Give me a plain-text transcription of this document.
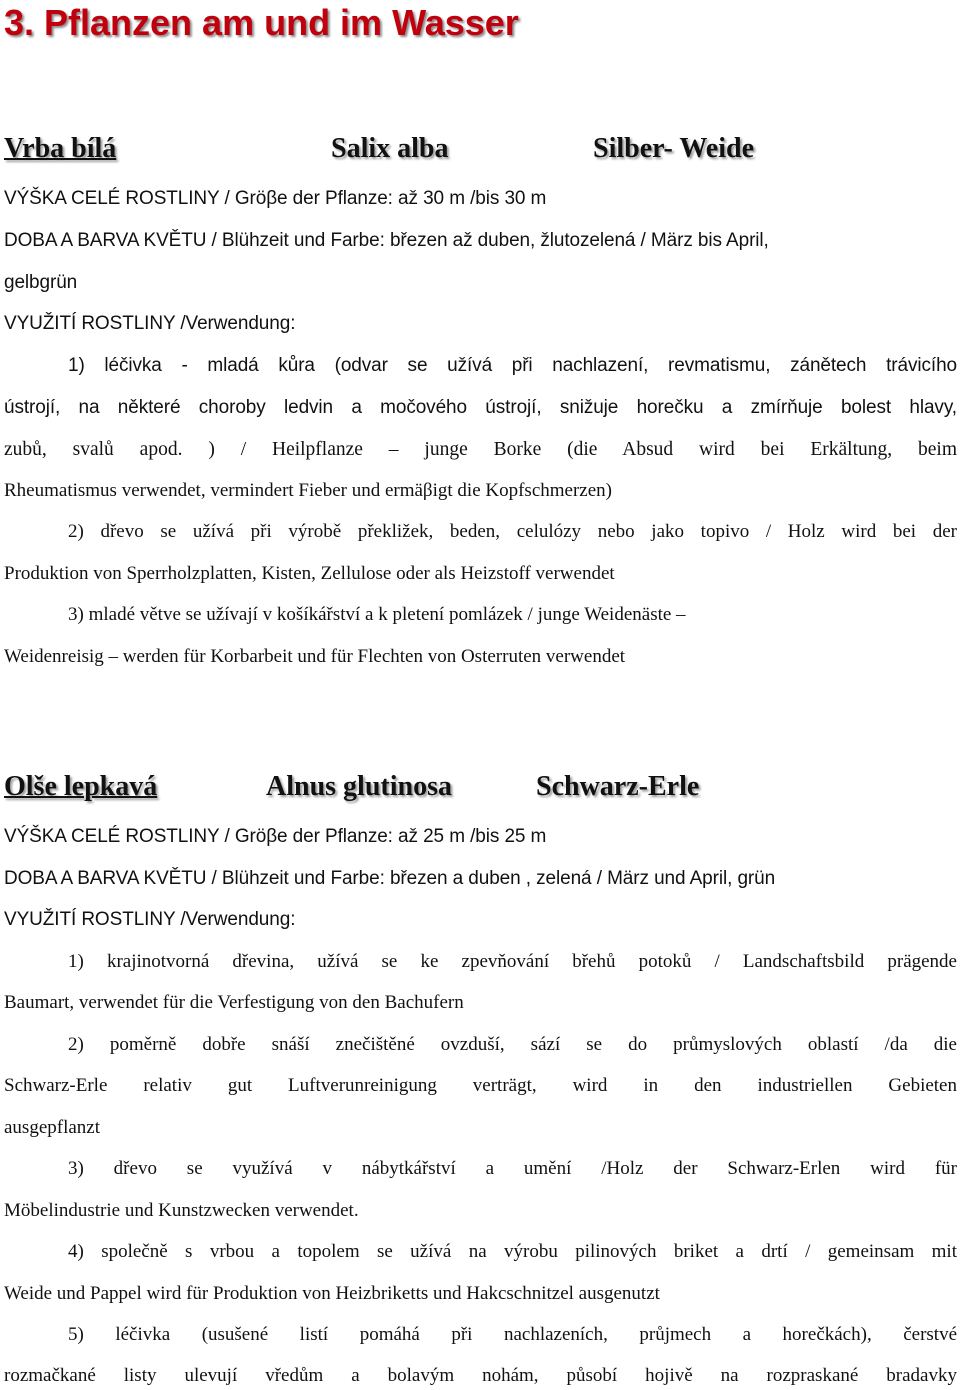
3. Pflanzen am und im Wasser
Vrba bílá	Salix alba	Silber- Weide

VÝŠKA CELÉ ROSTLINY / Gröβe der Pflanze: až 30 m /bis 30 m

DOBA A BARVA KVĚTU / Blühzeit und Farbe: březen až duben, žlutozelená / März bis April,

gelbgrün

VYUŽITÍ ROSTLINY /Verwendung:

1) léčivka - mladá kůra (odvar se užívá při nachlazení, revmatismu, zánětech trávicího

ústrojí, na některé choroby ledvin a močového ústrojí, snižuje horečku a zmírňuje bolest hlavy,

zubů, svalů apod. ) / Heilpflanze – junge Borke (die Absud wird bei Erkältung, beim

Rheumatismus verwendet, vermindert Fieber und ermäβigt die Kopfschmerzen)

2) dřevo se užívá při výrobě překližek, beden, celulózy nebo jako topivo / Holz wird bei der

Produktion von Sperrholzplatten, Kisten, Zellulose oder als Heizstoff verwendet

3) mladé větve se užívají v košíkářství a k pletení pomlázek / junge Weidenäste –

Weidenreisig – werden für Korbarbeit und für Flechten von Osterruten verwendet

Olše lepkavá	Alnus glutinosa	Schwarz-Erle

VÝŠKA CELÉ ROSTLINY / Gröβe der Pflanze: až 25 m /bis 25 m

DOBA A BARVA KVĚTU / Blühzeit und Farbe: březen a duben , zelená / März und April, grün

VYUŽITÍ ROSTLINY /Verwendung:

1) krajinotvorná dřevina, užívá se ke zpevňování břehů potoků / Landschaftsbild prägende

Baumart, verwendet für die Verfestigung von den Bachufern

2) poměrně dobře snáší znečištěné ovzduší, sází se do průmyslových oblastí /da die

Schwarz-Erle relativ gut Luftverunreinigung verträgt, wird in den industriellen Gebieten

ausgepflanzt

3) dřevo se využívá v nábytkářství a umění /Holz der Schwarz-Erlen wird für

Möbelindustrie und Kunstzwecken verwendet.

4) společně s vrbou a topolem se užívá na výrobu pilinových briket a drtí / gemeinsam mit

Weide und Pappel wird für Produktion von Heizbriketts und Hakcschnitzel ausgenutzt

5) léčivka (usušené listí pomáhá při nachlazeních, průjmech a horečkách), čerstvé

rozmačkané listy ulevují vředům a bolavým nohám, působí hojivě na rozpraskané bradavky
